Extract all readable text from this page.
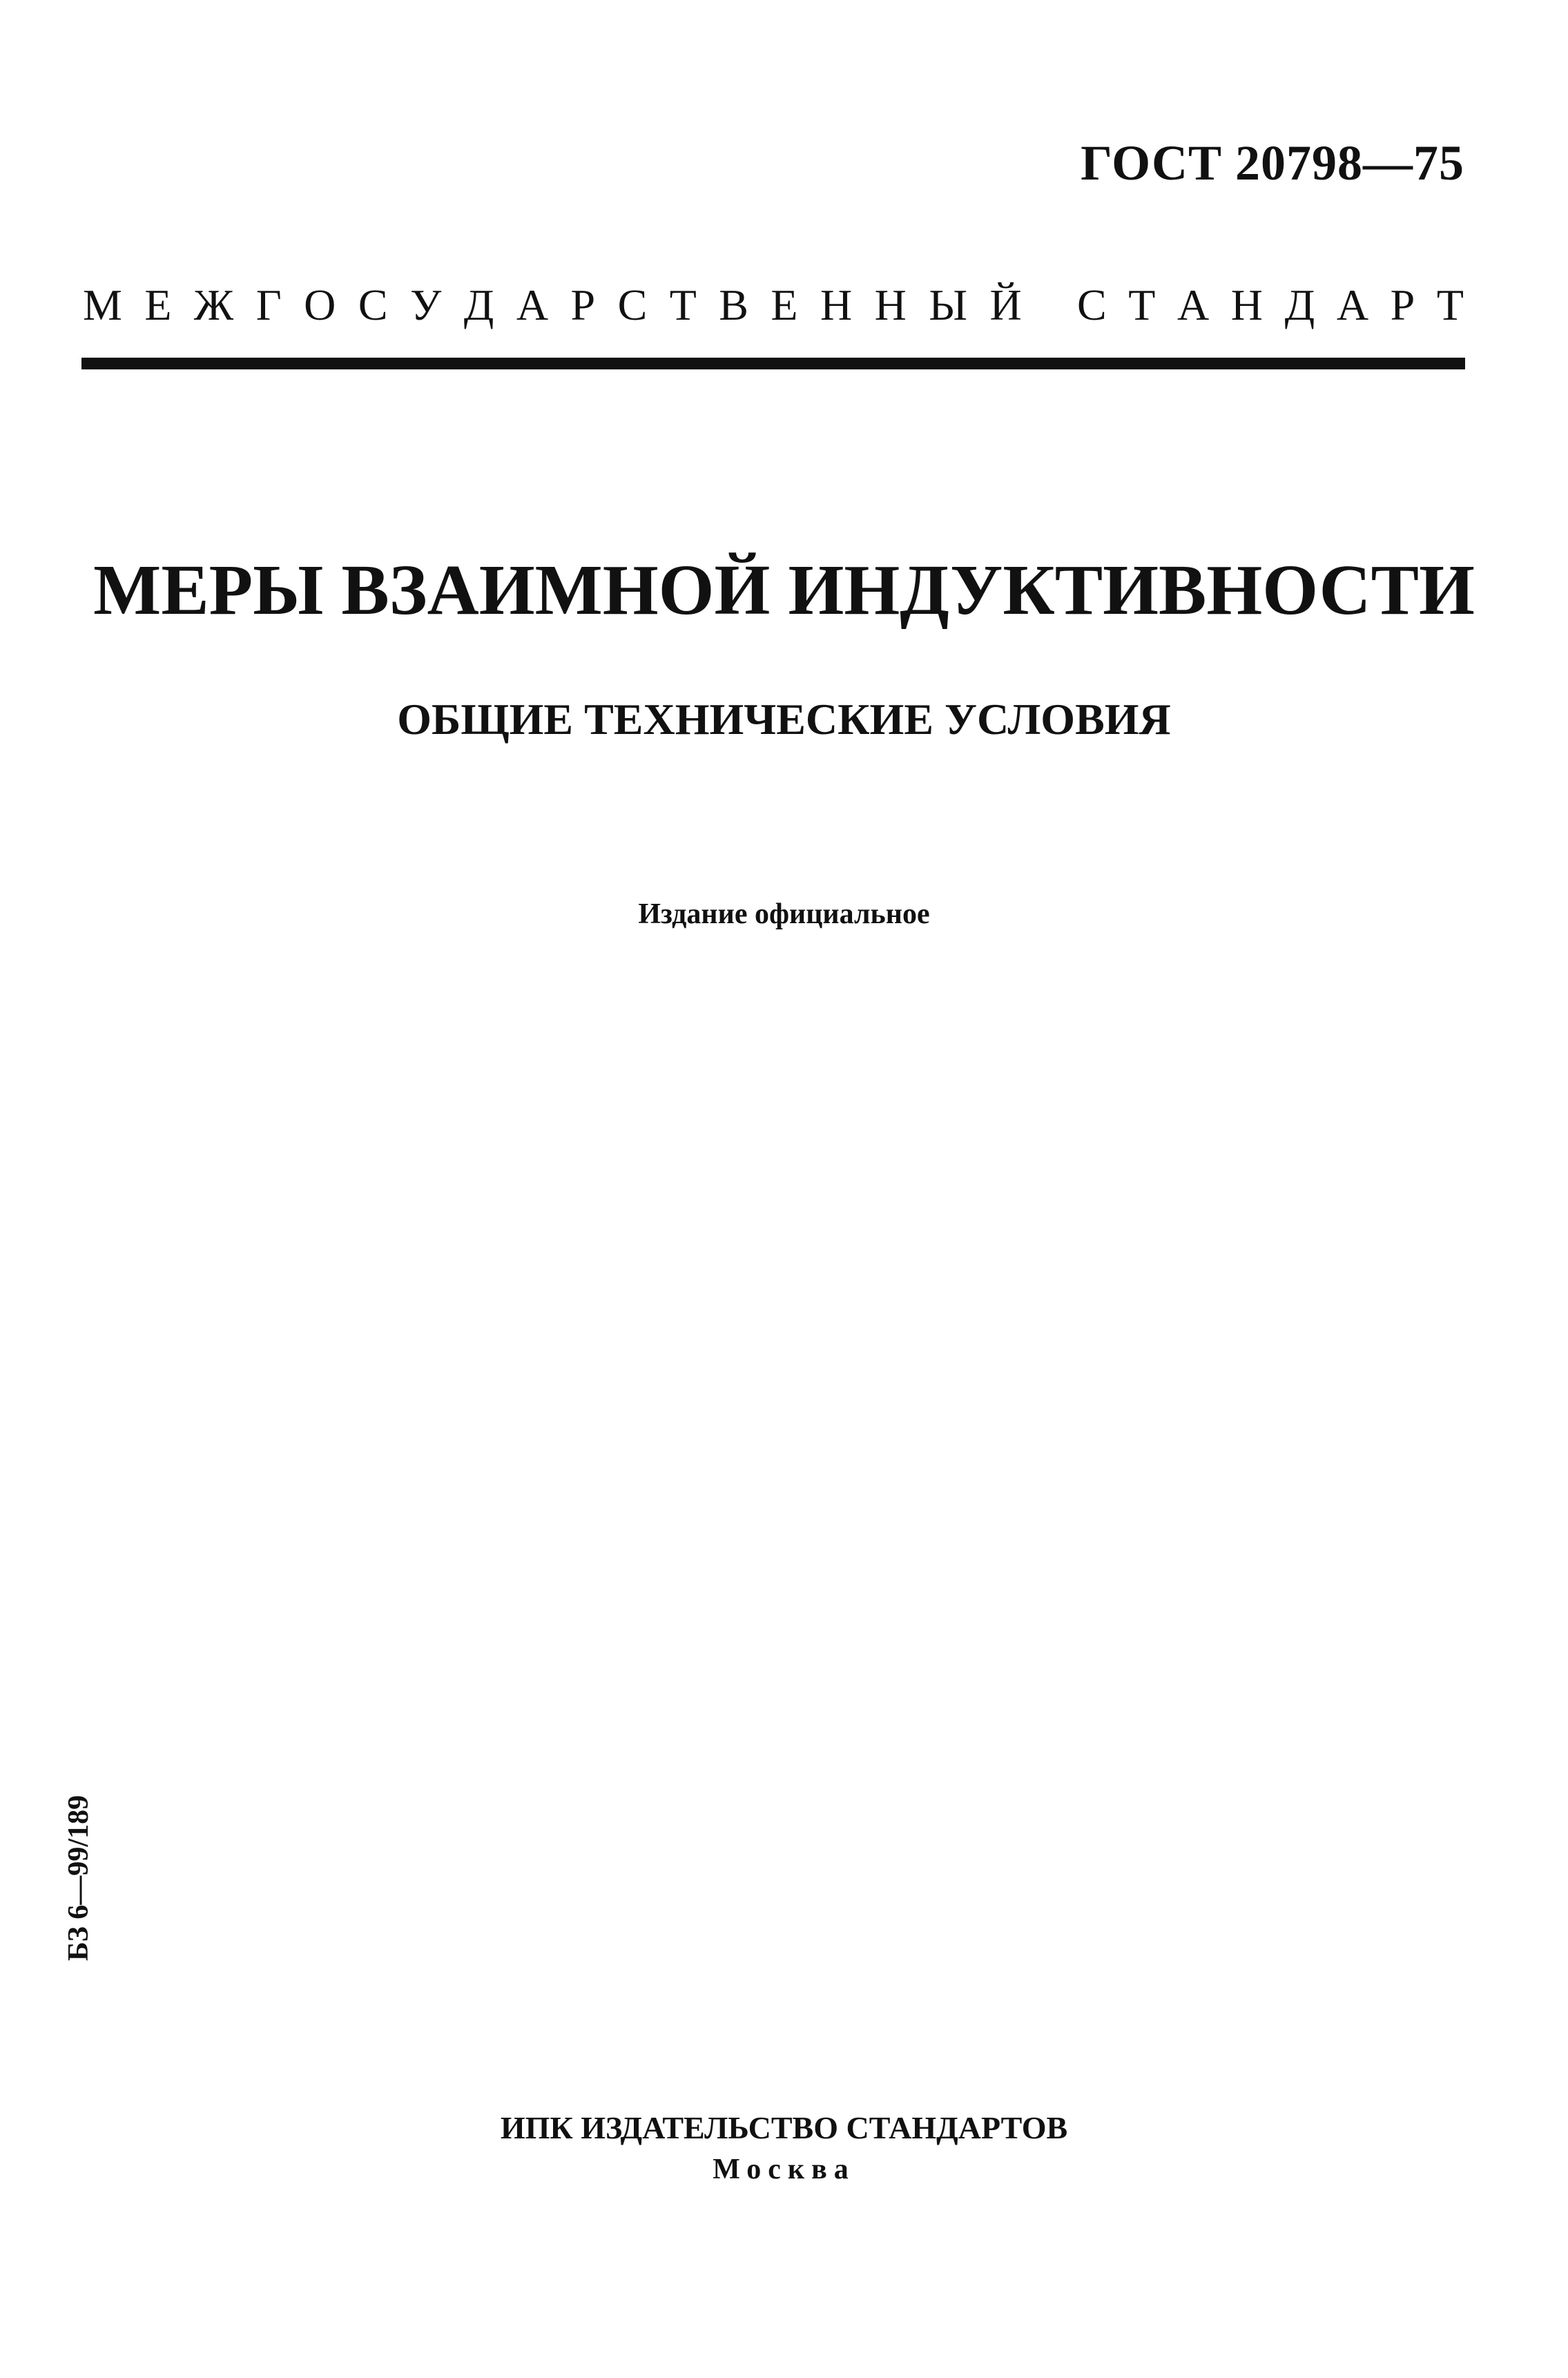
ГОСТ 20798—75
М Е Ж Г О С У Д А Р С Т В Е Н Н Ы Й С Т А Н Д А Р Т
МЕРЫ ВЗАИМНОЙ ИНДУКТИВНОСТИ
ОБЩИЕ ТЕХНИЧЕСКИЕ УСЛОВИЯ
Издание официальное
БЗ 6—99/189
ИПК ИЗДАТЕЛЬСТВО СТАНДАРТОВ
Москва
